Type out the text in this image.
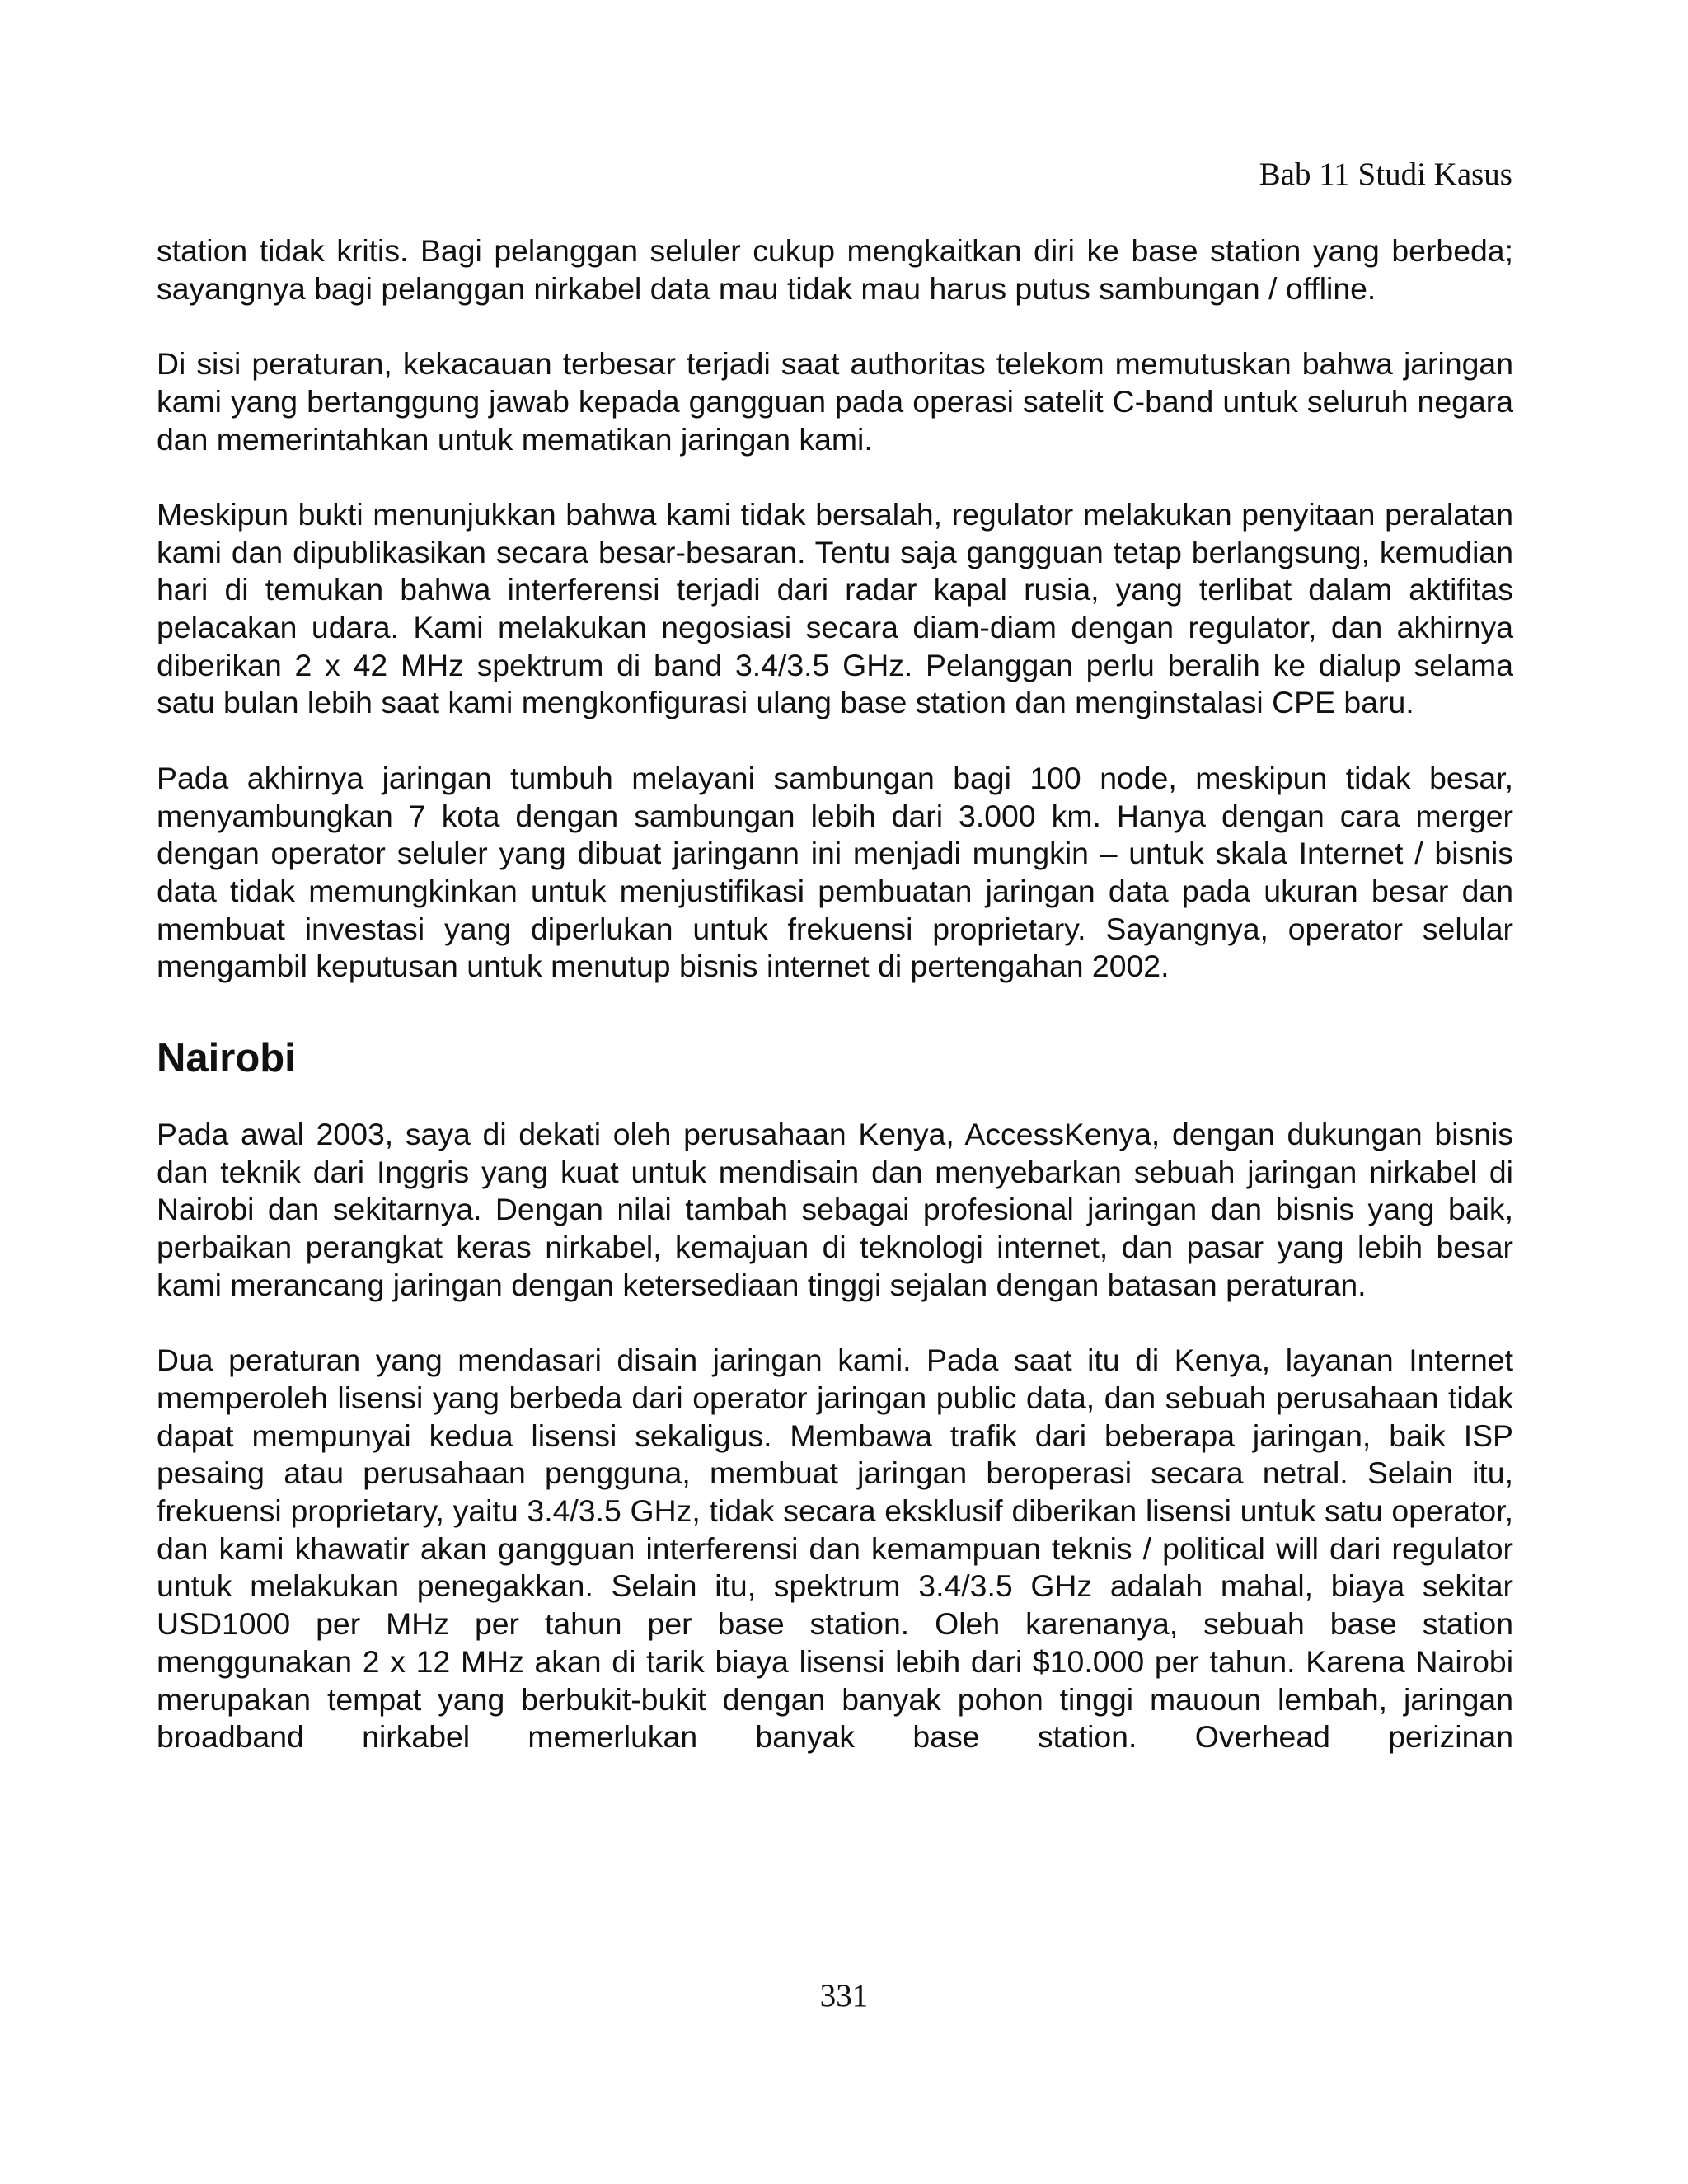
Bab 11 Studi Kasus

station tidak kritis. Bagi pelanggan seluler cukup mengkaitkan diri ke base station yang berbeda; sayangnya bagi pelanggan nirkabel data mau tidak mau harus putus sambungan / offline.

Di sisi peraturan, kekacauan terbesar terjadi saat authoritas telekom memutuskan bahwa jaringan kami yang bertanggung jawab kepada gangguan pada operasi satelit C-band untuk seluruh negara dan memerintahkan untuk mematikan jaringan kami.

Meskipun bukti menunjukkan bahwa kami tidak bersalah, regulator melakukan penyitaan peralatan kami dan dipublikasikan secara besar-besaran. Tentu saja gangguan tetap berlangsung, kemudian hari di temukan bahwa interferensi terjadi dari radar kapal rusia, yang terlibat dalam aktifitas pelacakan udara. Kami melakukan negosiasi secara diam-diam dengan regulator, dan akhirnya diberikan 2 x 42 MHz spektrum di band 3.4/3.5 GHz. Pelanggan perlu beralih ke dialup selama satu bulan lebih saat kami mengkonfigurasi ulang base station dan menginstalasi CPE baru.

Pada akhirnya jaringan tumbuh melayani sambungan bagi 100 node, meskipun tidak besar, menyambungkan 7 kota dengan sambungan lebih dari 3.000 km. Hanya dengan cara merger dengan operator seluler yang dibuat jaringann ini menjadi mungkin – untuk skala Internet / bisnis data tidak memungkinkan untuk menjustifikasi pembuatan jaringan data pada ukuran besar dan membuat investasi yang diperlukan untuk frekuensi proprietary. Sayangnya, operator selular mengambil keputusan untuk menutup bisnis internet di pertengahan 2002.

Nairobi

Pada awal 2003, saya di dekati oleh perusahaan Kenya, AccessKenya, dengan dukungan bisnis dan teknik dari Inggris yang kuat untuk mendisain dan menyebarkan sebuah jaringan nirkabel di Nairobi dan sekitarnya. Dengan nilai tambah sebagai profesional jaringan dan bisnis yang baik, perbaikan perangkat keras nirkabel, kemajuan di teknologi internet, dan pasar yang lebih besar kami merancang jaringan dengan ketersediaan tinggi sejalan dengan batasan peraturan.

Dua peraturan yang mendasari disain jaringan kami. Pada saat itu di Kenya, layanan Internet memperoleh lisensi yang berbeda dari operator jaringan public data, dan sebuah perusahaan tidak dapat mempunyai kedua lisensi sekaligus. Membawa trafik dari beberapa jaringan, baik ISP pesaing atau perusahaan pengguna, membuat jaringan beroperasi secara netral. Selain itu, frekuensi proprietary, yaitu 3.4/3.5 GHz, tidak secara eksklusif diberikan lisensi untuk satu operator, dan kami khawatir akan gangguan interferensi dan kemampuan teknis / political will dari regulator untuk melakukan penegakkan. Selain itu, spektrum 3.4/3.5 GHz adalah mahal, biaya sekitar USD1000 per MHz per tahun per base station. Oleh karenanya, sebuah base station menggunakan 2 x 12 MHz akan di tarik biaya lisensi lebih dari $10.000 per tahun. Karena Nairobi merupakan tempat yang berbukit-bukit dengan banyak pohon tinggi mauoun lembah, jaringan broadband nirkabel memerlukan banyak base station. Overhead perizinan

331
